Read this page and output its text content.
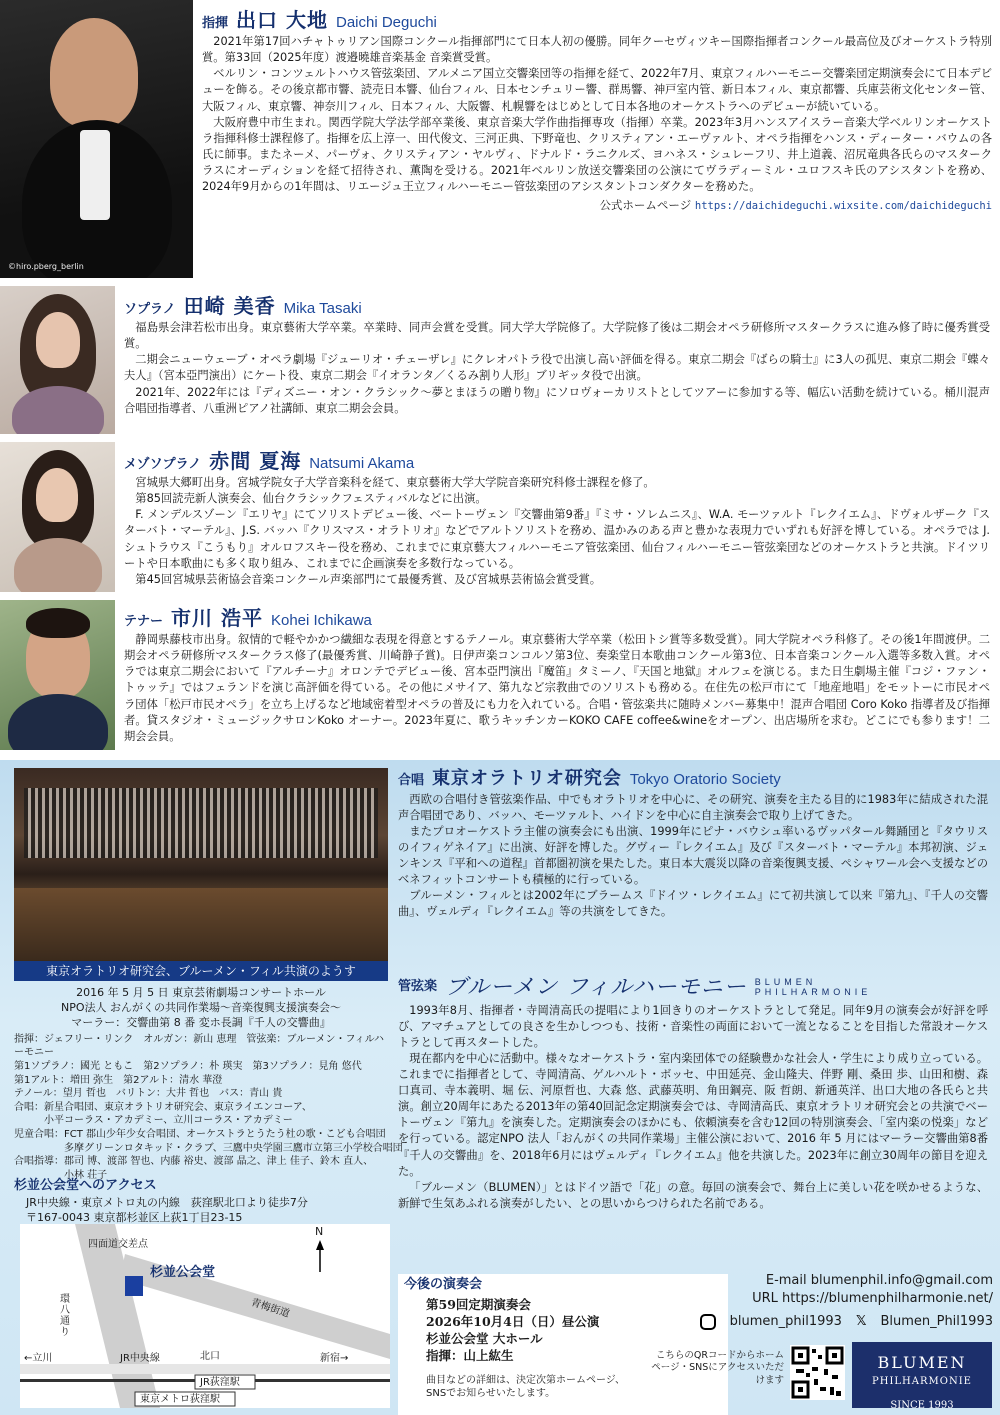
©hiro.pberg_berlin
指揮 出口 大地 Daichi Deguchi

2021年第17回ハチャトゥリアン国際コンクール指揮部門にて日本人初の優勝。同年クーセヴィツキー国際指揮者コンクール最高位及びオーケストラ特別賞。第33回（2025年度）渡邉曉雄音楽基金 音楽賞受賞。

ベルリン・コンツェルトハウス管弦楽団、アルメニア国立交響楽団等の指揮を経て、2022年7月、東京フィルハーモニー交響楽団定期演奏会にて日本デビューを飾る。その後京都市響、読売日本響、仙台フィル、日本センチュリー響、群馬響、神戸室内管、新日本フィル、東京都響、兵庫芸術文化センター管、大阪フィル、東京響、神奈川フィル、日本フィル、大阪響、札幌響をはじめとして日本各地のオーケストラへのデビューが続いている。

大阪府豊中市生まれ。関西学院大学法学部卒業後、東京音楽大学作曲指揮専攻（指揮）卒業。2023年3月ハンスアイスラー音楽大学ベルリンオーケストラ指揮科修士課程修了。指揮を広上淳一、田代俊文、三河正典、下野竜也、クリスティアン・エーヴァルト、オペラ指揮をハンス・ディーター・バウムの各氏に師事。またネーメ、パーヴォ、クリスティアン・ヤルヴィ、ドナルド・ラニクルズ、ヨハネス・シュレーフリ、井上道義、沼尻竜典各氏らのマスタークラスにオーディションを経て招待され、薫陶を受ける。2021年ベルリン放送交響楽団の公演にてヴラディーミル・ユロフスキ氏のアシスタントを務め、2024年9月からの1年間は、リエージュ王立フィルハーモニー管弦楽団のアシスタントコンダクターを務めた。

公式ホームページ https://daichideguchi.wixsite.com/daichideguchi
ソプラノ 田崎 美香 Mika Tasaki

福島県会津若松市出身。東京藝術大学卒業。卒業時、同声会賞を受賞。同大学大学院修了。大学院修了後は二期会オペラ研修所マスタークラスに進み修了時に優秀賞受賞。

二期会ニューウェーブ・オペラ劇場『ジューリオ・チェーザレ』にクレオパトラ役で出演し高い評価を得る。東京二期会『ばらの騎士』に3人の孤児、東京二期会『蝶々夫人』（宮本亞門演出）にケート役、東京二期会『イオランタ／くるみ割り人形』ブリギッタ役で出演。

2021年、2022年には『ディズニー・オン・クラシック〜夢とまほうの贈り物』にソロヴォーカリストとしてツアーに参加する等、幅広い活動を続けている。桶川混声合唱団指導者、八重洲ピアノ社講師、東京二期会会員。

メゾソプラノ 赤間 夏海 Natsumi Akama

宮城県大郷町出身。宮城学院女子大学音楽科を経て、東京藝術大学大学院音楽研究科修士課程を修了。

第85回読売新人演奏会、仙台クラシックフェスティバルなどに出演。

F. メンデルスゾーン『エリヤ』にてソリストデビュー後、ベートーヴェン『交響曲第9番』『ミサ・ソレムニス』、W.A. モーツァルト『レクイエム』、ドヴォルザーク『スターバト・マーテル』、J.S. バッハ『クリスマス・オラトリオ』などでアルトソリストを務め、温かみのある声と豊かな表現力でいずれも好評を博している。オペラでは J. シュトラウス『こうもり』オルロフスキー役を務め、これまでに東京藝大フィルハーモニア管弦楽団、仙台フィルハーモニー管弦楽団などのオーケストラと共演。ドイツリートや日本歌曲にも多く取り組み、これまでに企画演奏を多数行なっている。

第45回宮城県芸術協会音楽コンクール声楽部門にて最優秀賞、及び宮城県芸術協会賞受賞。

テナー 市川 浩平 Kohei Ichikawa

静岡県藤枝市出身。叙情的で軽やかかつ繊細な表現を得意とするテノール。東京藝術大学卒業（松田トシ賞等多数受賞）。同大学院オペラ科修了。その後1年間渡伊。二期会オペラ研修所マスタークラス修了(最優秀賞、川崎静子賞)。日伊声楽コンコルソ第3位、奏楽堂日本歌曲コンクール第3位、日本音楽コンクール入選等多数入賞。オペラでは東京二期会において『アルチーナ』オロンテでデビュー後、宮本亞門演出『魔笛』タミーノ、『天国と地獄』オルフェを演じる。また日生劇場主催『コジ・ファン・トゥッテ』ではフェランドを演じ高評価を得ている。その他にメサイア、第九など宗教曲でのソリストも務める。在住先の松戸市にて「地産地唱」をモットーに市民オペラ団体「松戸市民オペラ」を立ち上げるなど地域密着型オペラの普及にも力を入れている。合唱・管弦楽共に随時メンバー募集中！混声合唱団 Coro Koko 指導者及び指揮者。貸スタジオ・ミュージックサロンKoko オーナー。2023年夏に、歌うキッチンカーKOKO CAFE coffee&wineをオープン、出店場所を求む。どこにでも参ります！二期会会員。

東京オラトリオ研究会、ブルーメン・フィル共演のようす
2016 年 5 月 5 日 東京芸術劇場コンサートホール
NPO法人 おんがくの共同作業場〜音楽復興支援演奏会〜
マーラー：交響曲第 8 番 変ホ長調『千人の交響曲』
指揮：ジェフリー・リンク　オルガン：新山 恵理　管弦楽：ブルーメン・フィルハーモニー
第1ソプラノ：國光 ともこ　第2ソプラノ：朴 瑛実　第3ソプラノ：見角 悠代
第1アルト：増田 弥生　第2アルト：清水 華澄
テノール：望月 哲也　バリトン：大井 哲也　バス：青山 貴
合唱：新星合唱団、東京オラトリオ研究会、東京ライエンコーア、
　　　小平コーラス・アカデミー、立川コーラス・アカデミー
児童合唱：FCT 郡山少年少女合唱団、オーケストラとうたう杜の歌・こども合唱団
　　　　　多摩グリーンロタキッド・クラブ、三鷹中央学園三鷹市立第三小学校合唱団
合唱指導：郡司 博、渡部 智也、内藤 裕史、渡部 晶之、津上 佳子、鈴木 直人、
　　　　　小林 荘子
杉並公会堂へのアクセス
JR中央線・東京メトロ丸の内線　荻窪駅北口より徒歩7分
〒167-0043 東京都杉並区上荻1丁目23-15
四面道交差点
杉並公会堂
環八通り
青梅街道
N
北口
←立川	JR中央線	新宿→
JR荻窪駅
東京メトロ荻窪駅
合唱 東京オラトリオ研究会 Tokyo Oratorio Society

西欧の合唱付き管弦楽作品、中でもオラトリオを中心に、その研究、演奏を主たる目的に1983年に結成された混声合唱団であり、バッハ、モーツァルト、ハイドンを中心に自主演奏会で取り上げてきた。

またプロオーケストラ主催の演奏会にも出演、1999年にピナ・バウシュ率いるヴッパタール舞踊団と『タウリスのイフィゲネイア』に出演、好評を博した。グヴィー『レクイエム』及び『スターバト・マーテル』本邦初演、ジェンキンス『平和への道程』首都圏初演を果たした。東日本大震災以降の音楽復興支援、ペシャワール会へ支援などのベネフィットコンサートも積極的に行っている。

ブルーメン・フィルとは2002年にブラームス『ドイツ・レクイエム』にて初共演して以来『第九』、『千人の交響曲』、ヴェルディ『レクイエム』等の共演をしてきた。

管弦楽 ブルーメン フィルハーモニー BLUMEN
PHILHARMONIE

1993年8月、指揮者・寺岡清高氏の提唱により1回きりのオーケストラとして発足。同年9月の演奏会が好評を呼び、アマチュアとしての良さを生かしつつも、技術・音楽性の両面において一流となることを目指した常設オーケストラとして再スタートした。

現在都内を中心に活動中。様々なオーケストラ・室内楽団体での経験豊かな社会人・学生により成り立っている。これまでに指揮者として、寺岡清高、ゲルハルト・ボッセ、中田延亮、金山隆夫、伴野 剛、桑田 歩、山田和樹、森口真司、寺本義明、堀 伝、河原哲也、大森 悠、武藤英明、角田鋼亮、阪 哲朗、新通英洋、出口大地の各氏らと共演。創立20周年にあたる2013年の第40回記念定期演奏会では、寺岡清高氏、東京オラトリオ研究会との共演でベートーヴェン『第九』を演奏した。定期演奏会のほかにも、依頼演奏を含む12回の特別演奏会、「室内楽の悦楽」などを行っている。認定NPO 法人「おんがくの共同作業場」主催公演において、2016 年 5 月にはマーラー交響曲第8番『千人の交響曲』を、2018年6月にはヴェルディ『レクイエム』他を共演した。2023年に創立30周年の節目を迎えた。

「ブルーメン（BLUMEN）」とはドイツ語で「花」の意。毎回の演奏会で、舞台上に美しい花を咲かせるような、新鮮で生気あふれる演奏がしたい、との思いからつけられた名前である。

今後の演奏会
第59回定期演奏会
2026年10月4日（日）昼公演
杉並公会堂 大ホール
指揮：山上紘生
曲目などの詳細は、決定次第ホームページ、SNSでお知らせいたします。
E-mail blumenphil.info@gmail.com
URL https://blumenphilharmonie.net/
blumen_phil1993 𝕏 Blumen_Phil1993
こちらのQRコードからホームページ・SNSにアクセスいただけます
BLUMEN
PHILHARMONIE
SINCE 1993
